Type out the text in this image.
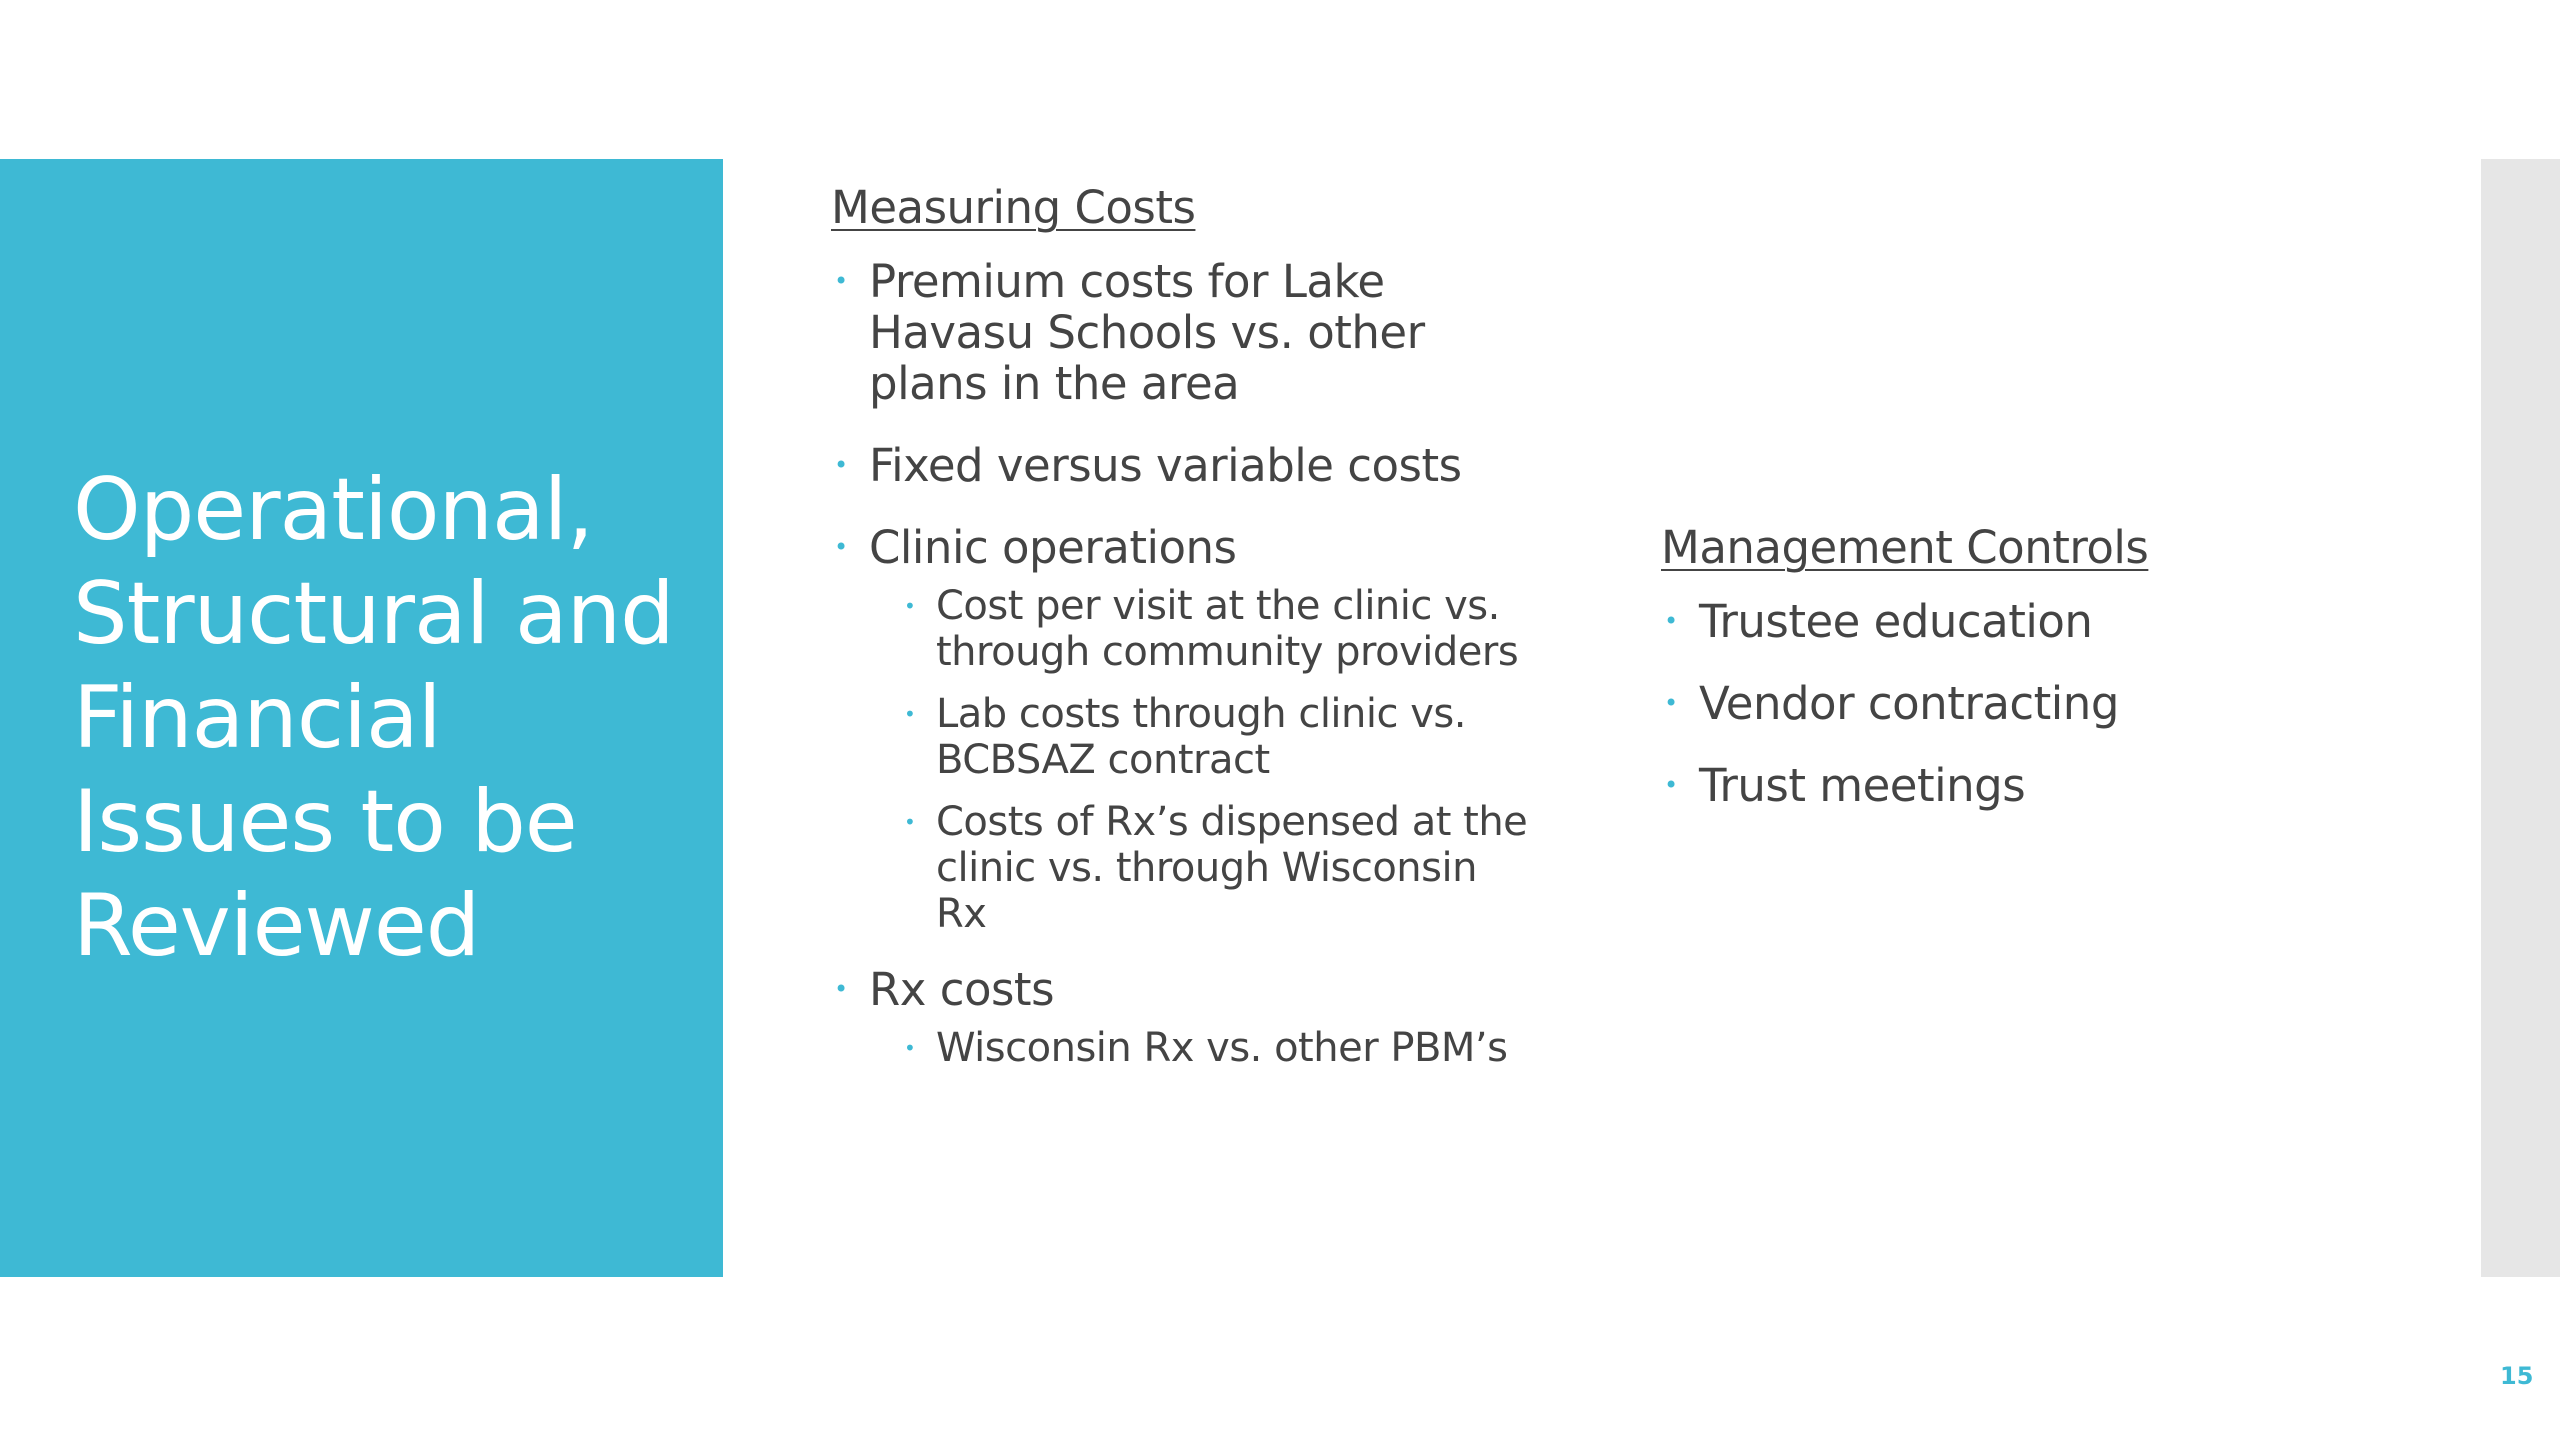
Operational, Structural and Financial Issues to be Reviewed
Measuring Costs
• Premium costs for Lake Havasu Schools vs. other plans in the area
• Fixed versus variable costs
• Clinic operations
• Cost per visit at the clinic vs. through community providers
• Lab costs through clinic vs. BCBSAZ contract
• Costs of Rx’s dispensed at the clinic vs. through Wisconsin Rx
• Rx costs
• Wisconsin Rx vs. other PBM’s
Management Controls
• Trustee education
• Vendor contracting
• Trust meetings
15
